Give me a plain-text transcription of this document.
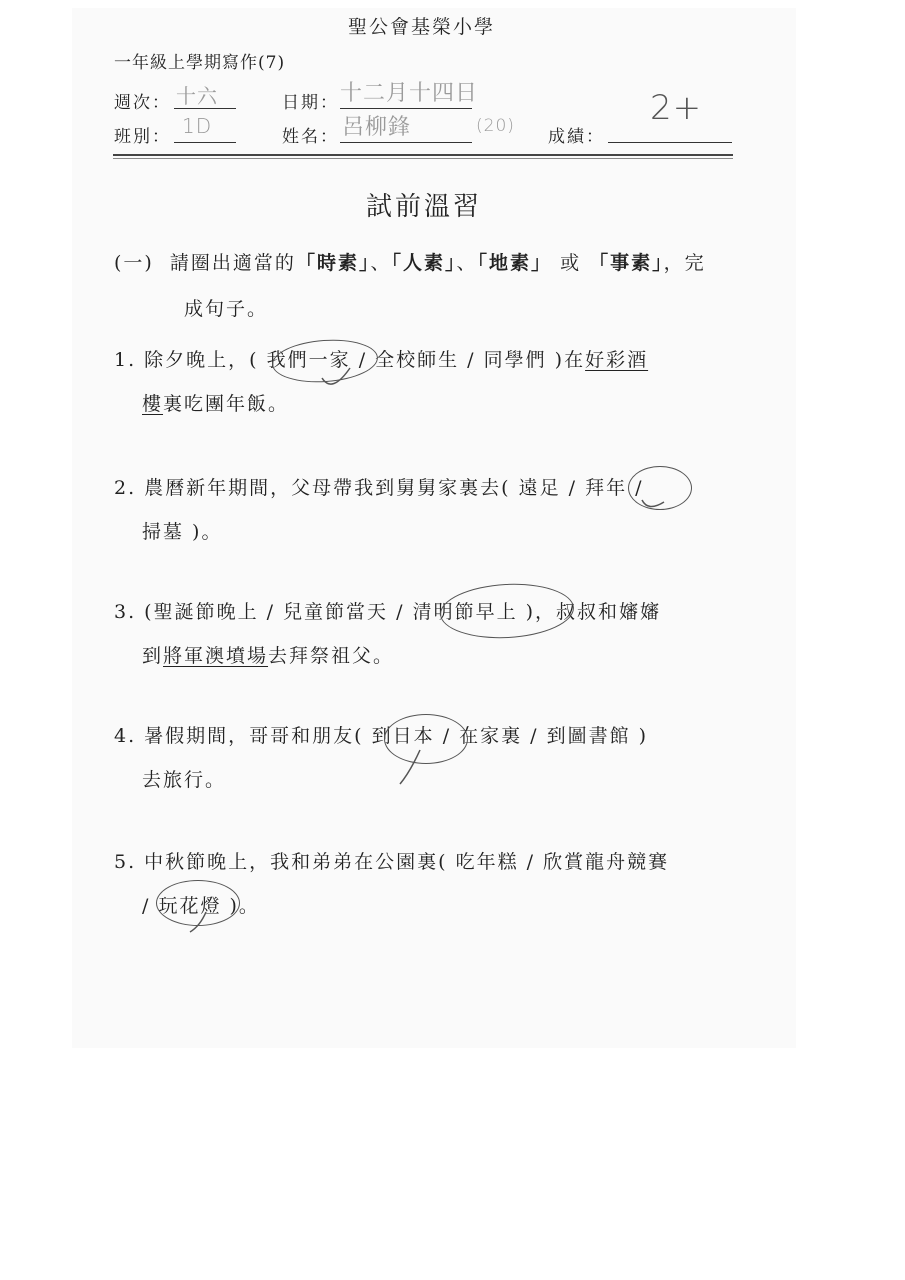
聖公會基榮小學
一年級上學期寫作(7)
週次： 十六	日期： 十二月十四日
班別： 1D	姓名： 呂柳鋒	(20)
成績：
2+
試前溫習
(一) 請圈出適當的「時素」、「人素」、「地素」 或 「事素」，完
成句子。
1. 除夕晚上，( 我們一家 / 全校師生 / 同學們 )在好彩酒
樓裏吃團年飯。
2. 農曆新年期間，父母帶我到舅舅家裏去( 遠足 / 拜年 /
掃墓 )。
3. (聖誕節晚上 / 兒童節當天 / 清明節早上 )，叔叔和嬸嬸
到將軍澳墳場去拜祭祖父。
4. 暑假期間，哥哥和朋友( 到日本 / 在家裏 / 到圖書館 )
去旅行。
5. 中秋節晚上，我和弟弟在公園裏( 吃年糕 / 欣賞龍舟競賽
/ 玩花燈 )。
